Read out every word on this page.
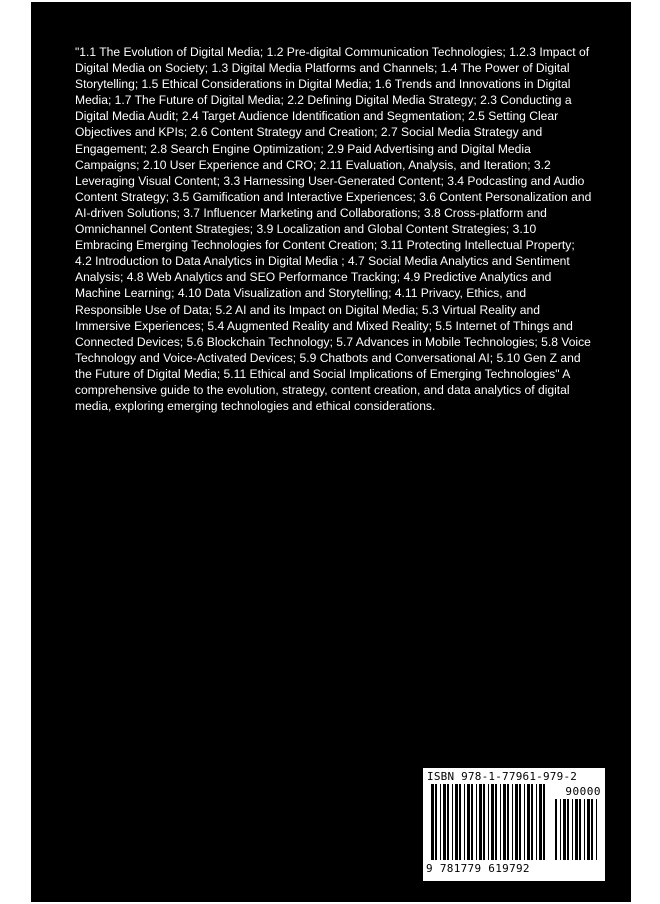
"1.1 The Evolution of Digital Media; 1.2 Pre-digital Communication Technologies; 1.2.3 Impact of Digital Media on Society; 1.3 Digital Media Platforms and Channels; 1.4 The Power of Digital Storytelling; 1.5 Ethical Considerations in Digital Media; 1.6 Trends and Innovations in Digital Media; 1.7 The Future of Digital Media; 2.2 Defining Digital Media Strategy; 2.3 Conducting a Digital Media Audit; 2.4 Target Audience Identification and Segmentation; 2.5 Setting Clear Objectives and KPIs; 2.6 Content Strategy and Creation; 2.7 Social Media Strategy and Engagement; 2.8 Search Engine Optimization; 2.9 Paid Advertising and Digital Media Campaigns; 2.10 User Experience and CRO; 2.11 Evaluation, Analysis, and Iteration; 3.2 Leveraging Visual Content; 3.3 Harnessing User-Generated Content; 3.4 Podcasting and Audio Content Strategy; 3.5 Gamification and Interactive Experiences; 3.6 Content Personalization and AI-driven Solutions; 3.7 Influencer Marketing and Collaborations; 3.8 Cross-platform and Omnichannel Content Strategies; 3.9 Localization and Global Content Strategies; 3.10 Embracing Emerging Technologies for Content Creation; 3.11 Protecting Intellectual Property; 4.2 Introduction to Data Analytics in Digital Media ; 4.7 Social Media Analytics and Sentiment Analysis; 4.8 Web Analytics and SEO Performance Tracking; 4.9 Predictive Analytics and Machine Learning; 4.10 Data Visualization and Storytelling; 4.11 Privacy, Ethics, and Responsible Use of Data; 5.2 AI and its Impact on Digital Media; 5.3 Virtual Reality and Immersive Experiences; 5.4 Augmented Reality and Mixed Reality; 5.5 Internet of Things and Connected Devices; 5.6 Blockchain Technology; 5.7 Advances in Mobile Technologies; 5.8 Voice Technology and Voice-Activated Devices; 5.9 Chatbots and Conversational AI; 5.10 Gen Z and the Future of Digital Media; 5.11 Ethical and Social Implications of Emerging Technologies" A comprehensive guide to the evolution, strategy, content creation, and data analytics of digital media, exploring emerging technologies and ethical considerations.

ISBN 978-1-77961-979-2
90000
9 781779 619792
